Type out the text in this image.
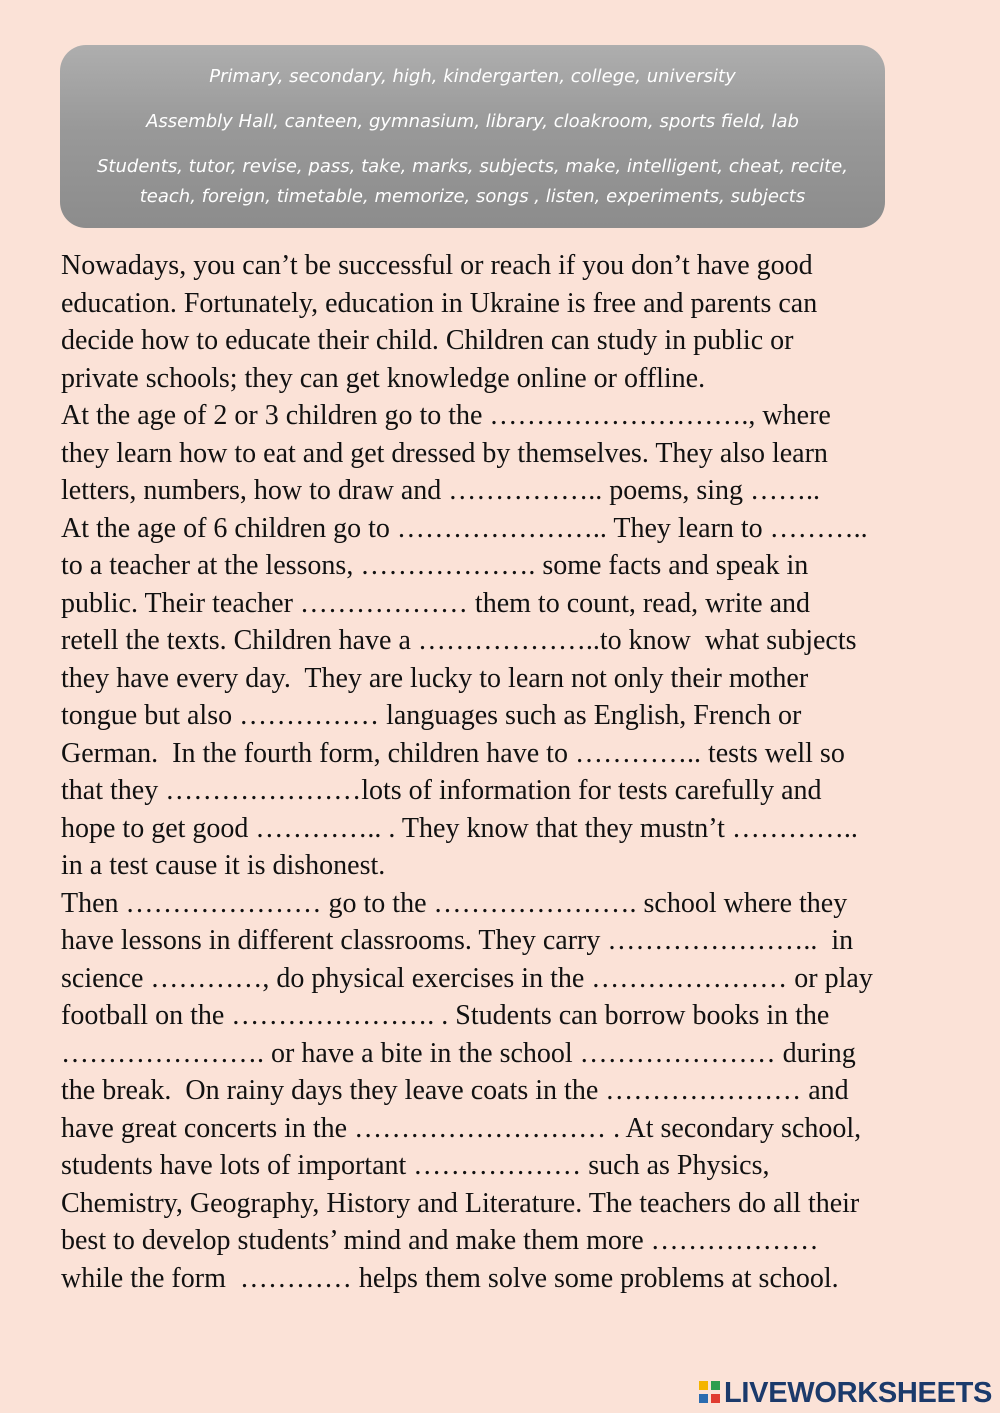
Primary, secondary, high, kindergarten, college, university
Assembly Hall, canteen, gymnasium, library, cloakroom, sports field, lab
Students, tutor, revise, pass, take, marks, subjects, make, intelligent, cheat, recite,
teach, foreign, timetable, memorize, songs , listen, experiments, subjects
Nowadays, you can’t be successful or reach if you don’t have good
education. Fortunately, education in Ukraine is free and parents can
decide how to educate their child. Children can study in public or
private schools; they can get knowledge online or offline.
At the age of 2 or 3 children go to the ………………………., where
they learn how to eat and get dressed by themselves. They also learn
letters, numbers, how to draw and …………….. poems, sing ……..
At the age of 6 children go to ………………….. They learn to ………..
to a teacher at the lessons, ………………. some facts and speak in
public. Their teacher ……………… them to count, read, write and
retell the texts. Children have a ………………..to know  what subjects
they have every day.  They are lucky to learn not only their mother
tongue but also …………… languages such as English, French or
German.  In the fourth form, children have to ………….. tests well so
that they …………………lots of information for tests carefully and
hope to get good ………….. . They know that they mustn’t …………..
in a test cause it is dishonest.
Then ………………… go to the …………………. school where they
have lessons in different classrooms. They carry …………………..  in
science …………, do physical exercises in the ………………… or play
football on the …………………. . Students can borrow books in the
…………………. or have a bite in the school ………………… during
the break.  On rainy days they leave coats in the ………………… and
have great concerts in the ……………………… . At secondary school,
students have lots of important ……………… such as Physics,
Chemistry, Geography, History and Literature. The teachers do all their
best to develop students’ mind and make them more ………………
while the form  ………… helps them solve some problems at school.
LIVEWORKSHEETS
